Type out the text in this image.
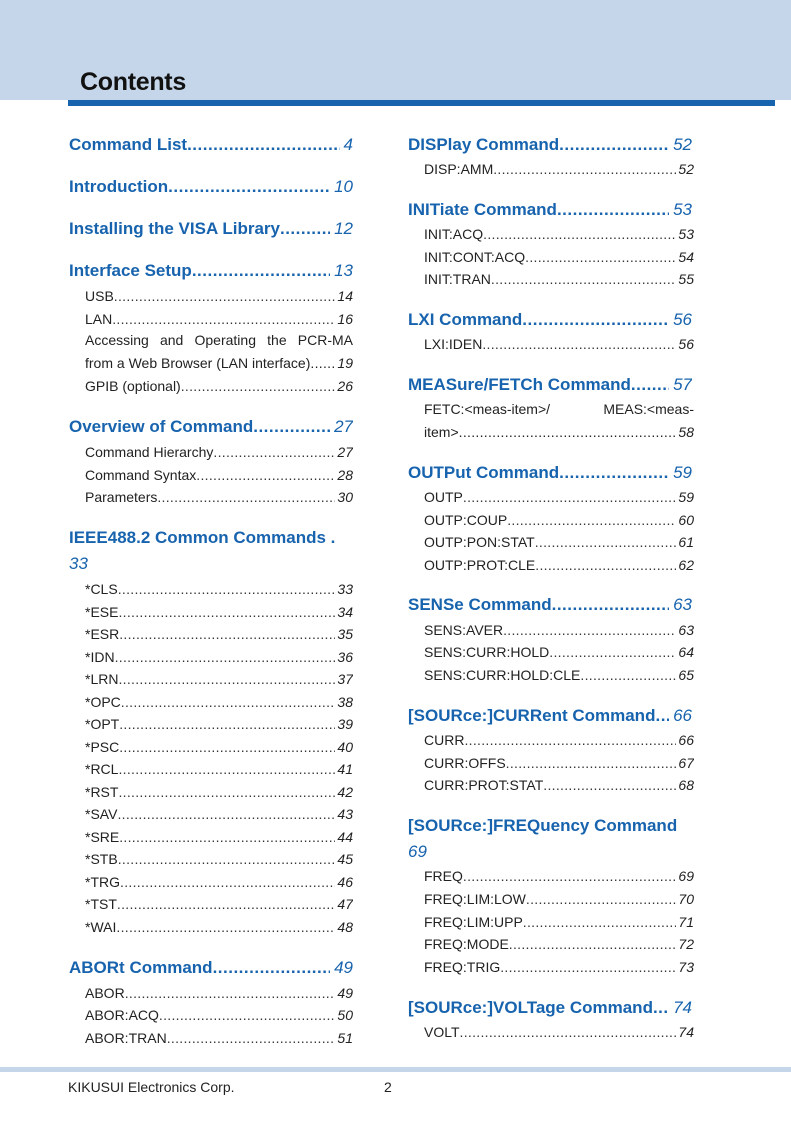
Contents
Command List .....	4
Introduction .....	10
Installing the VISA Library .....	12
Interface Setup .....	13
USB .....	14
LAN .....	16
Accessing and Operating the PCR-MA
from a Web Browser (LAN interface) ..... 19
GPIB (optional) .....	26
Overview of Command .....	27
Command Hierarchy .....	27
Command Syntax .....	28
Parameters .....	30
IEEE488.2 Common Commands .
33
*CLS .....	33
*ESE .....	34
*ESR .....	35
*IDN .....	36
*LRN .....	37
*OPC .....	38
*OPT .....	39
*PSC .....	40
*RCL .....	41
*RST .....	42
*SAV .....	43
*SRE .....	44
*STB .....	45
*TRG .....	46
*TST .....	47
*WAI .....	48
ABORt Command .....	49
ABOR .....	49
ABOR:ACQ .....	50
ABOR:TRAN .....	51
DISPlay Command .....	52
DISP:AMM .....	52
INITiate Command .....	53
INIT:ACQ .....	53
INIT:CONT:ACQ .....	54
INIT:TRAN .....	55
LXI Command .....	56
LXI:IDEN .....	56
MEASure/FETCh Command ..... 57
FETC:<meas-item>/ MEAS:<meas-
item> .....	58
OUTPut Command .....	59
OUTP .....	59
OUTP:COUP .....	60
OUTP:PON:STAT .....	61
OUTP:PROT:CLE .....	62
SENSe Command .....	63
SENS:AVER .....	63
SENS:CURR:HOLD .....	64
SENS:CURR:HOLD:CLE .....	65
[SOURce:]CURRent Command ..... 66
CURR .....	66
CURR:OFFS .....	67
CURR:PROT:STAT .....	68
[SOURce:]FREQuency Command
69
FREQ .....	69
FREQ:LIM:LOW .....	70
FREQ:LIM:UPP .....	71
FREQ:MODE .....	72
FREQ:TRIG .....	73
[SOURce:]VOLTage Command ..... 74
VOLT .....	74
KIKUSUI Electronics Corp.	2
